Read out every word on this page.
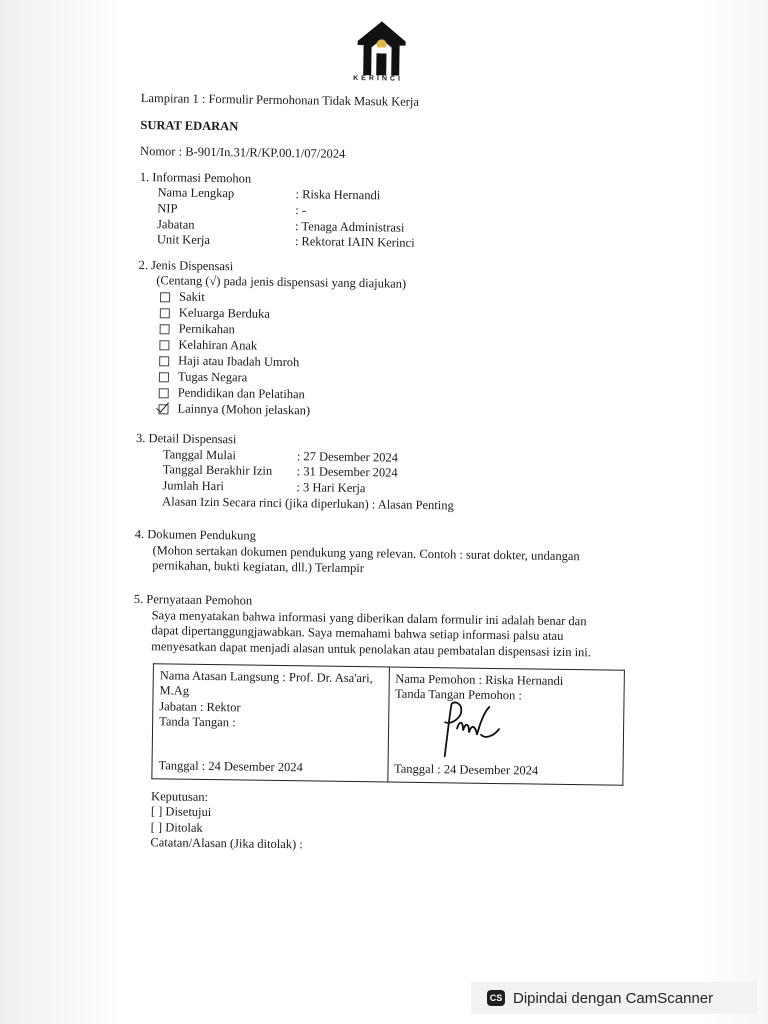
KERINCI
Lampiran 1 : Formulir Permohonan Tidak Masuk Kerja
SURAT EDARAN
Nomor : B-901/In.31/R/KP.00.1/07/2024
1. Informasi Pemohon
Nama Lengkap	: Riska Hernandi
NIP	: -
Jabatan	: Tenaga Administrasi
Unit Kerja	: Rektorat IAIN Kerinci
2. Jenis Dispensasi
(Centang (√) pada jenis dispensasi yang diajukan)
Sakit
Keluarga Berduka
Pernikahan
Kelahiran Anak
Haji atau Ibadah Umroh
Tugas Negara
Pendidikan dan Pelatihan
Lainnya (Mohon jelaskan)
3. Detail Dispensasi
Tanggal Mulai	: 27 Desember 2024
Tanggal Berakhir Izin	: 31 Desember 2024
Jumlah Hari	: 3 Hari Kerja
Alasan Izin Secara rinci (jika diperlukan) : Alasan Penting
4. Dokumen Pendukung
(Mohon sertakan dokumen pendukung yang relevan. Contoh : surat dokter, undangan
pernikahan, bukti kegiatan, dll.) Terlampir
5. Pernyataan Pemohon
Saya menyatakan bahwa informasi yang diberikan dalam formulir ini adalah benar dan
dapat dipertanggungjawabkan. Saya memahami bahwa setiap informasi palsu atau
menyesatkan dapat menjadi alasan untuk penolakan atau pembatalan dispensasi izin ini.
Nama Atasan Langsung : Prof. Dr. Asa'ari,
M.Ag
Jabatan : Rektor
Tanda Tangan :
Tanggal : 24 Desember 2024

Nama Pemohon : Riska Hernandi
Tanda Tangan Pemohon :
Tanggal : 24 Desember 2024
Keputusan:
[ ] Disetujui
[ ] Ditolak
Catatan/Alasan (Jika ditolak) :
CS Dipindai dengan CamScanner
